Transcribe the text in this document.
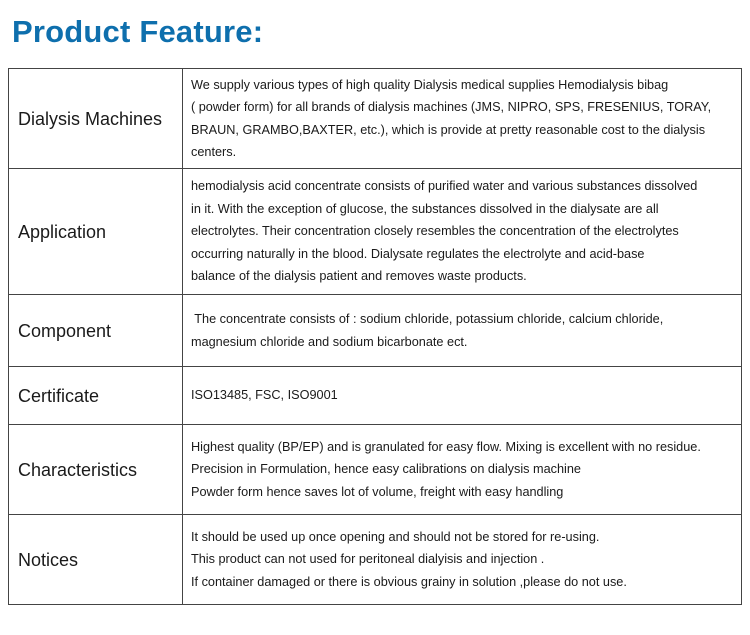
Product Feature:
Dialysis Machines	We supply various types of high quality Dialysis medical supplies Hemodialysis bibag
( powder form) for all brands of dialysis machines (JMS, NIPRO, SPS, FRESENIUS, TORAY,
BRAUN, GRAMBO,BAXTER, etc.), which is provide at pretty reasonable cost to the dialysis
centers.

Application	hemodialysis acid concentrate consists of purified water and various substances dissolved
in it. With the exception of glucose, the substances dissolved in the dialysate are all
electrolytes. Their concentration closely resembles the concentration of the electrolytes
occurring naturally in the blood. Dialysate regulates the electrolyte and acid-base
balance of the dialysis patient and removes waste products.

Component	The concentrate consists of : sodium chloride, potassium chloride, calcium chloride,
magnesium chloride and sodium bicarbonate ect.

Certificate	ISO13485, FSC, ISO9001

Characteristics	Highest quality (BP/EP) and is granulated for easy flow. Mixing is excellent with no residue.
Precision in Formulation, hence easy calibrations on dialysis machine
Powder form hence saves lot of volume, freight with easy handling

Notices	It should be used up once opening and should not be stored for re-using.
This product can not used for peritoneal dialyisis and injection .
If container damaged or there is obvious grainy in solution ,please do not use.
